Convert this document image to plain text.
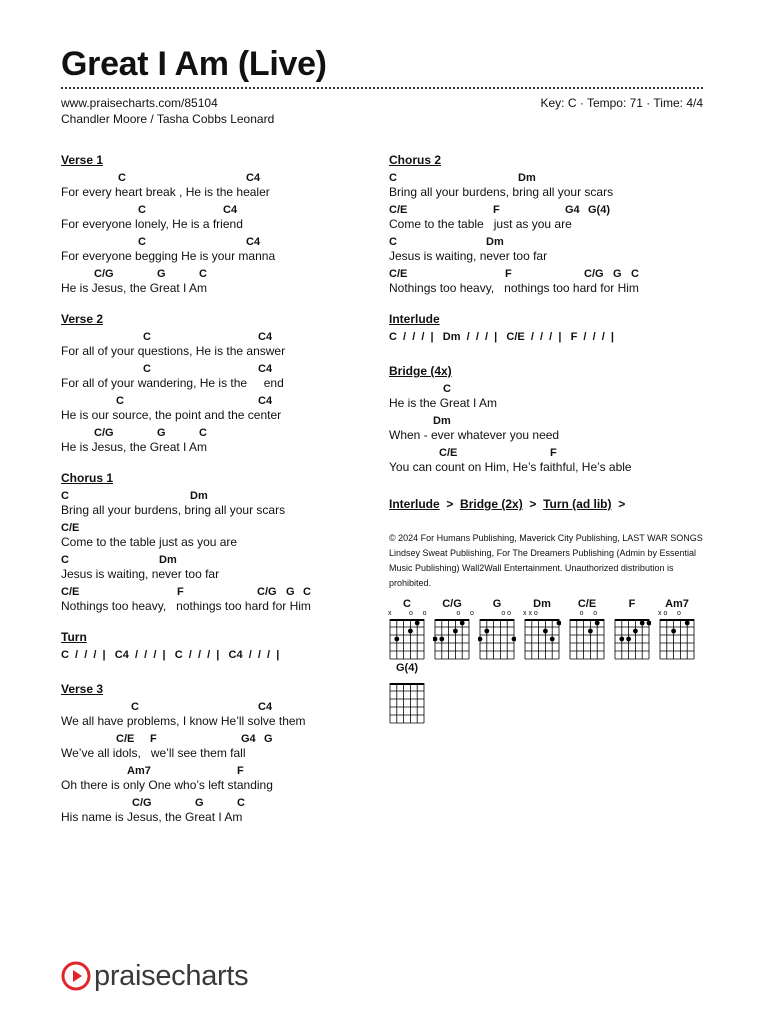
Great I Am (Live)
www.praisecharts.com/85104
Chandler Moore / Tasha Cobbs Leonard
Key: C · Tempo: 71 · Time: 4/4
Verse 1
C	C4
For every heart break , He is the healer
C	C4
For everyone lonely, He is a friend
C	C4
For everyone begging He is your manna
C/G	G	C
He is Jesus, the Great I Am
Verse 2
C	C4
For all of your questions, He is the answer
C	C4
For all of your wandering, He is the     end
C	C4
He is our source, the point and the center
C/G	G	C
He is Jesus, the Great I Am
Chorus 1
C	Dm
Bring all your burdens, bring all your scars
C/E
Come to the table just as you are
C	Dm
Jesus is waiting, never too far
C/E	F	C/G G C
Nothings too heavy,   nothings too hard for Him
Turn
C  /  /  /  |   C4  /  /  /  |   C  /  /  /  |   C4  /  /  /  |
Verse 3
C	C4
We all have problems, I know He’ll solve them
C/E F	G4 G
We’ve all idols,   we’ll see them fall
Am7	F
Oh there is only One who’s left standing
C/G	G	C
His name is Jesus, the Great I Am
Chorus 2
C	Dm
Bring all your burdens, bring all your scars
C/E	F	G4 G(4)
Come to the table   just as you are
C	Dm
Jesus is waiting, never too far
C/E	F	C/G G C
Nothings too heavy,   nothings too hard for Him
Interlude
C  /  /  /  |   Dm  /  /  /  |   C/E  /  /  /  |   F  /  /  /  |
Bridge (4x)
C
He is the Great I Am
Dm
When - ever whatever you need
C/E	F
You can count on Him, He’s faithful, He’s able
Interlude > Bridge (2x) > Turn (ad lib) >
© 2024 For Humans Publishing, Maverick City Publishing, LAST WAR SONGS Lindsey Sweat Publishing, For The Dreamers Publishing (Admin by Essential Music Publishing) Wall2Wall Entertainment. Unauthorized distribution is prohibited.
C
x         o     o
C/G
o     o
G
o o
Dm
x x o
C/E
o     o
F	Am7
x o     o
G(4)
praisecharts
